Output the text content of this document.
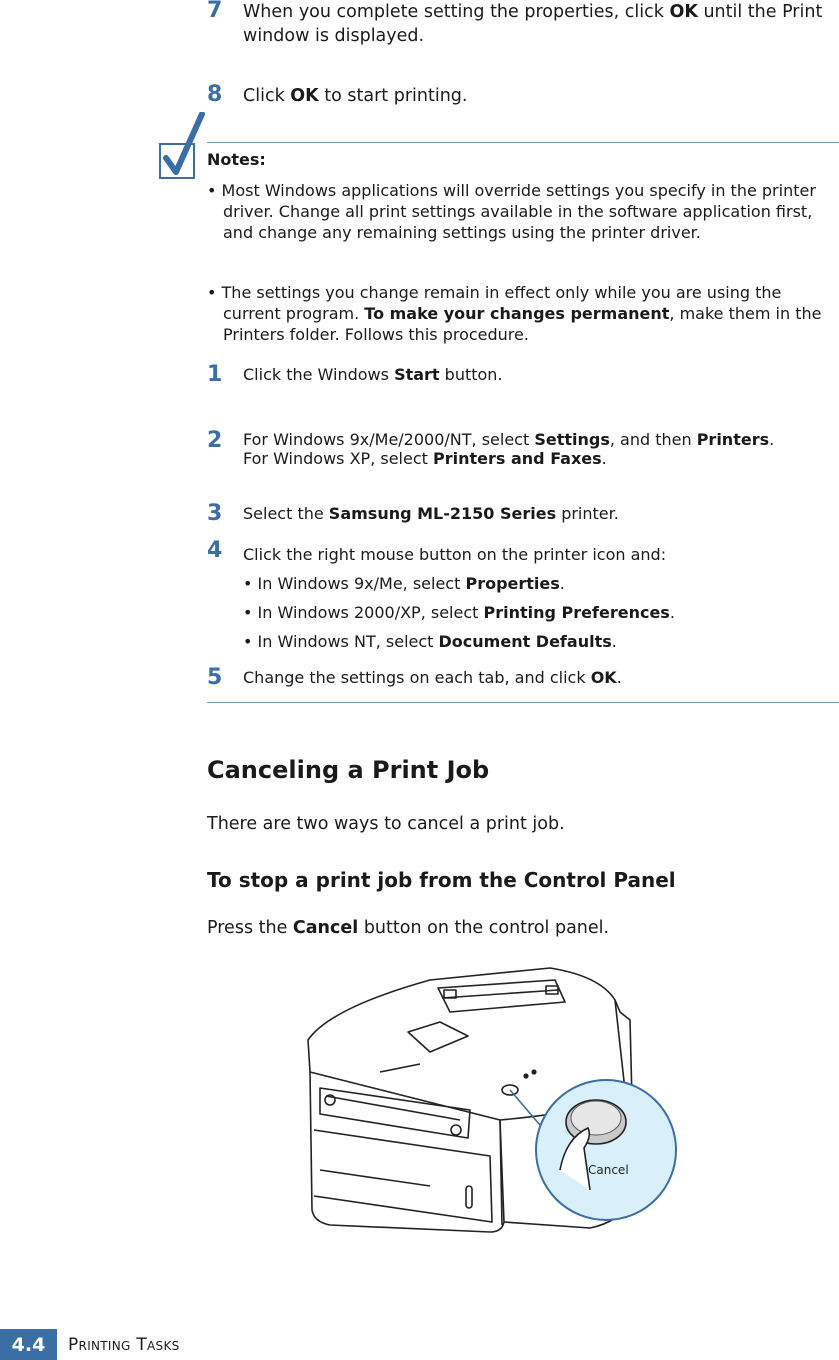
7 When you complete setting the properties, click OK until the Print window is displayed.
8 Click OK to start printing.
Notes:
• Most Windows applications will override settings you specify in the printer driver. Change all print settings available in the software application first, and change any remaining settings using the printer driver.
• The settings you change remain in effect only while you are using the current program. To make your changes permanent, make them in the Printers folder. Follows this procedure.
1 Click the Windows Start button.
2 For Windows 9x/Me/2000/NT, select Settings, and then Printers.
For Windows XP, select Printers and Faxes.
3 Select the Samsung ML-2150 Series printer.
4 Click the right mouse button on the printer icon and:
• In Windows 9x/Me, select Properties.
• In Windows 2000/XP, select Printing Preferences.
• In Windows NT, select Document Defaults.
5 Change the settings on each tab, and click OK.
Canceling a Print Job
There are two ways to cancel a print job.
To stop a print job from the Control Panel
Press the Cancel button on the control panel.
Cancel
4.4	Printing Tasks
